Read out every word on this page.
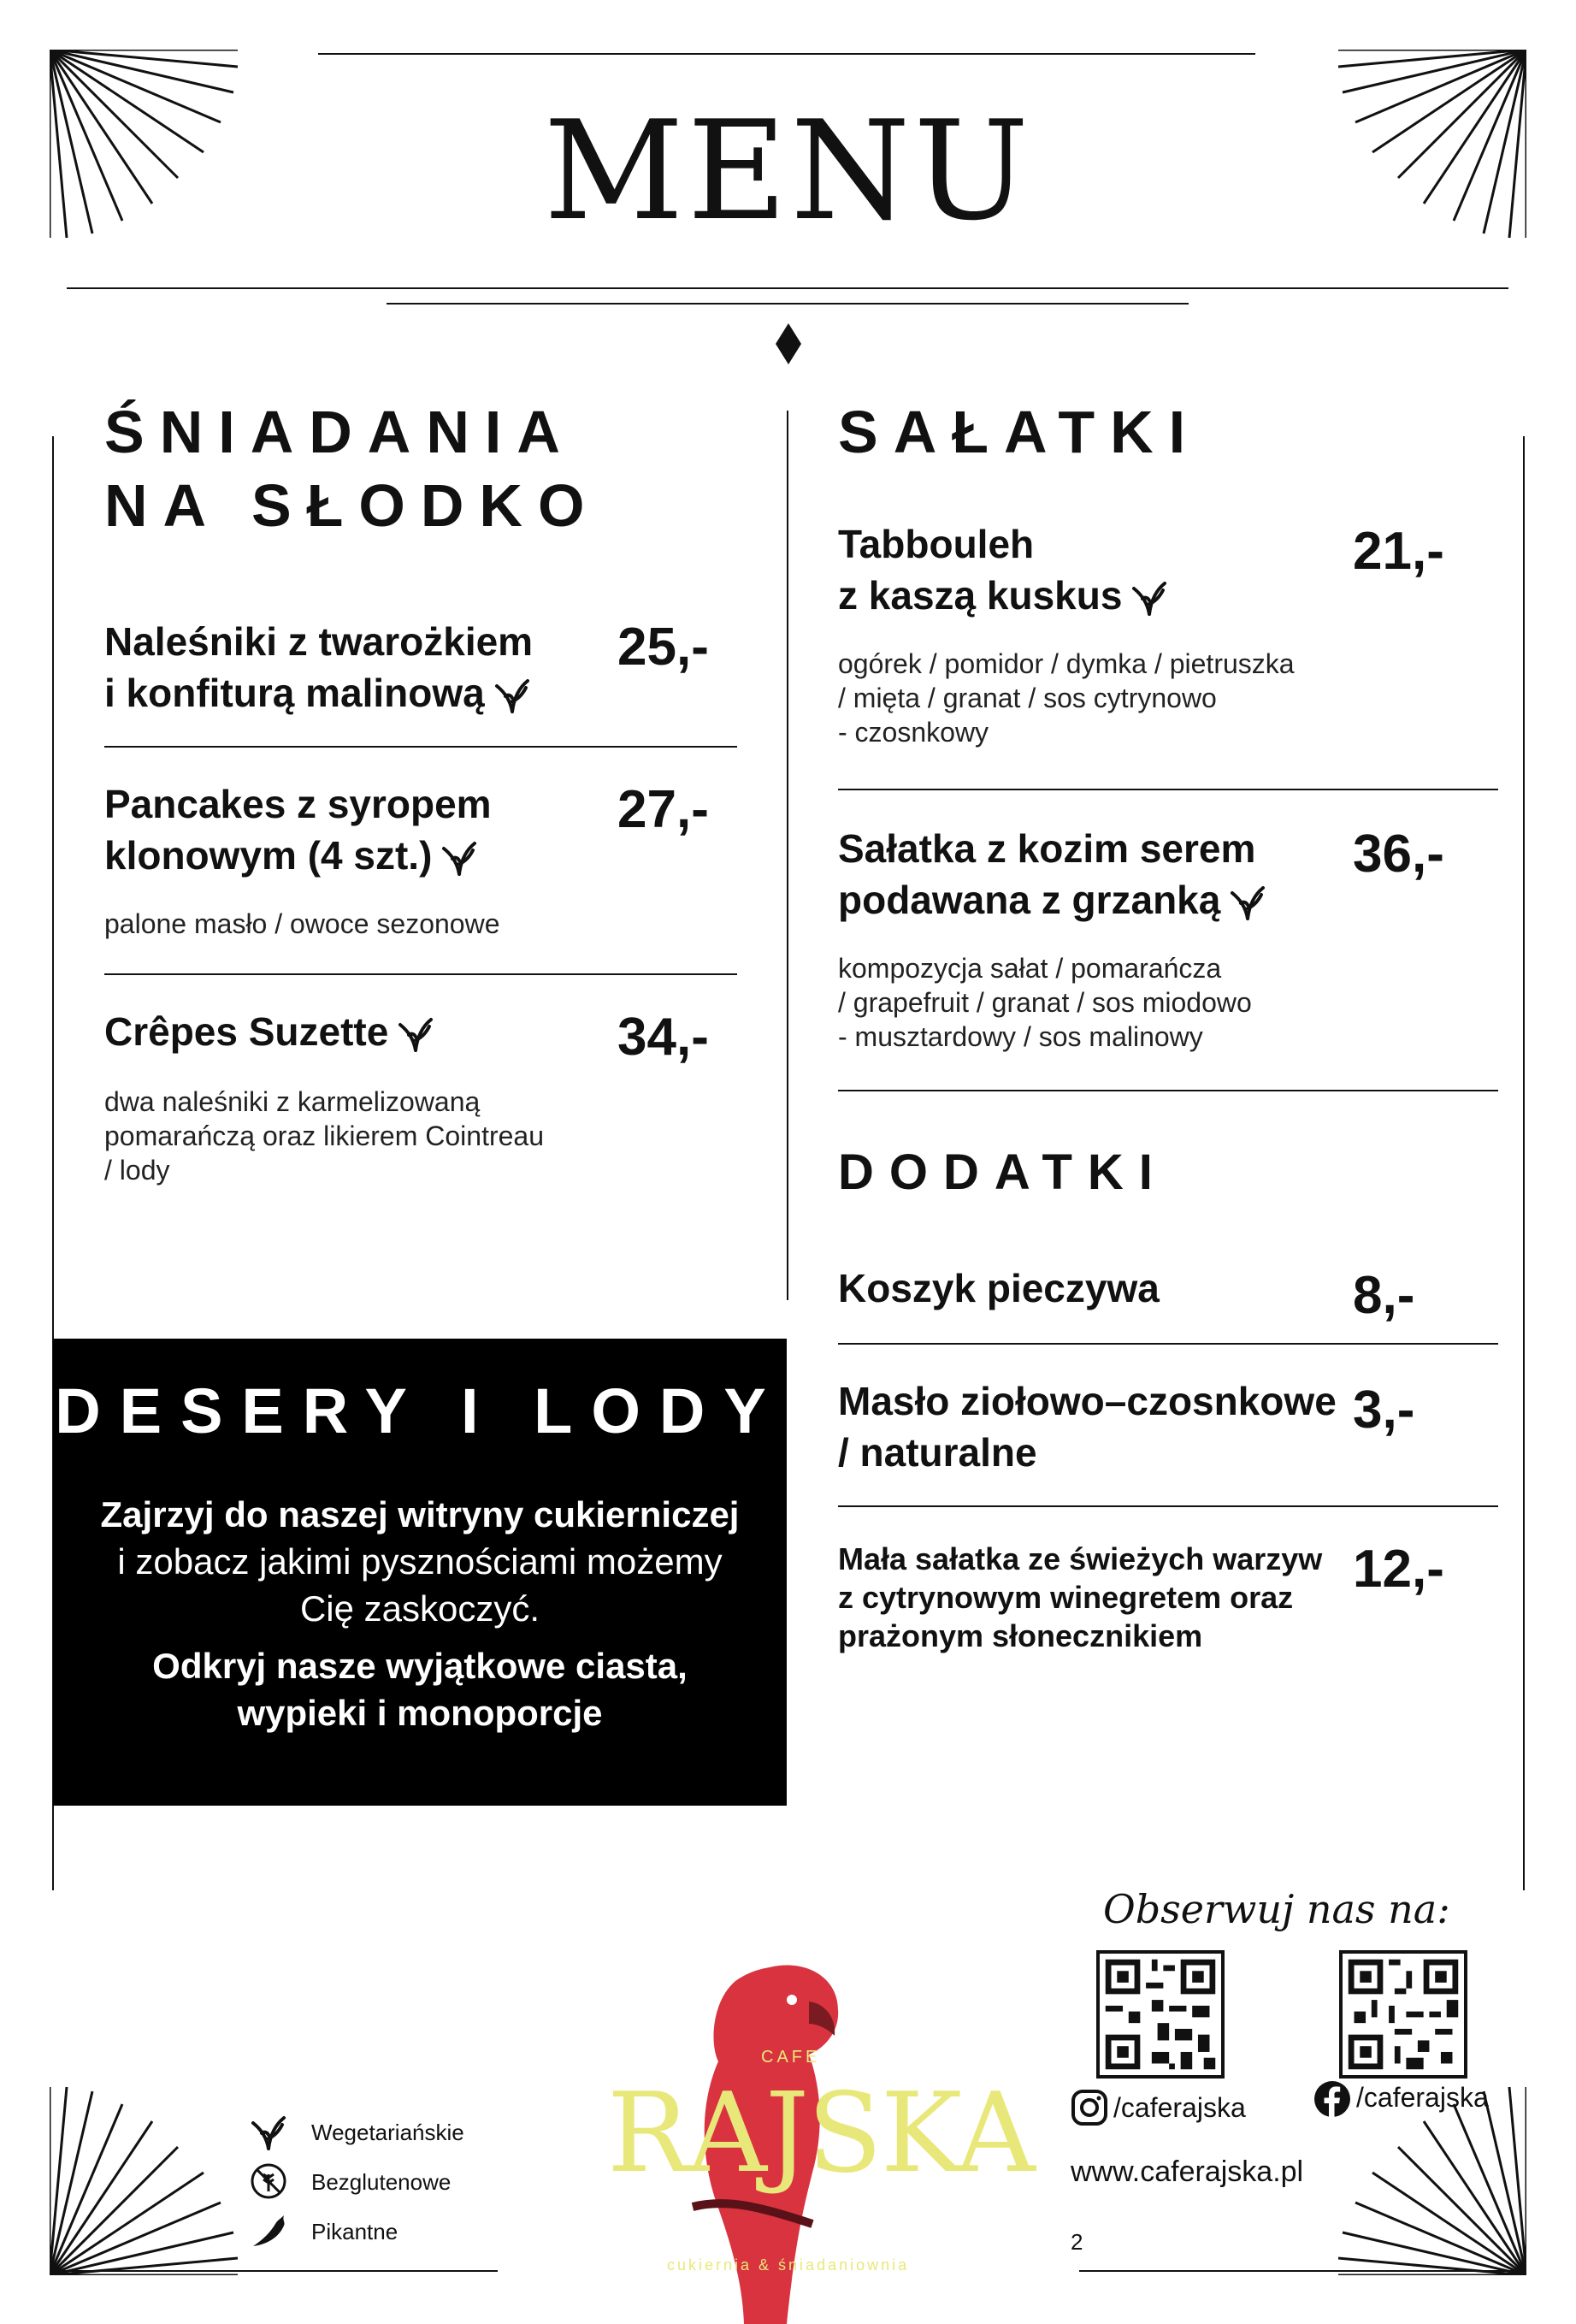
MENU
ŚNIADANIA
NA SŁODKO
Naleśniki z twarożkiem
i konfiturą malinową
25,-
Pancakes z syropem
klonowym (4 szt.)
27,-
palone masło / owoce sezonowe
Crêpes Suzette	34,-
dwa naleśniki z karmelizowaną
pomarańczą oraz likierem Cointreau
/ lody
SAŁATKI
Tabbouleh
z kaszą kuskus
21,-
ogórek / pomidor / dymka / pietruszka
/ mięta / granat / sos cytrynowo
- czosnkowy
Sałatka z kozim serem
podawana z grzanką
36,-
kompozycja sałat / pomarańcza
/ grapefruit / granat / sos miodowo
- musztardowy / sos malinowy
DODATKI
Koszyk pieczywa	8,-
Masło ziołowo–czosnkowe
/ naturalne
3,-
Mała sałatka ze świeżych warzyw
z cytrynowym winegretem oraz
prażonym słonecznikiem
12,-
DESERY I LODY
Zajrzyj do naszej witryny cukierniczej
i zobacz jakimi pysznościami możemy
Cię zaskoczyć.
Odkryj nasze wyjątkowe ciasta,
wypieki i monoporcje
Wegetariańskie
Bezglutenowe
Pikantne
CAFE
RAJSKA
cukiernia & śniadaniownia
Obserwuj nas na:
/caferajska	/caferajska
www.caferajska.pl
2
